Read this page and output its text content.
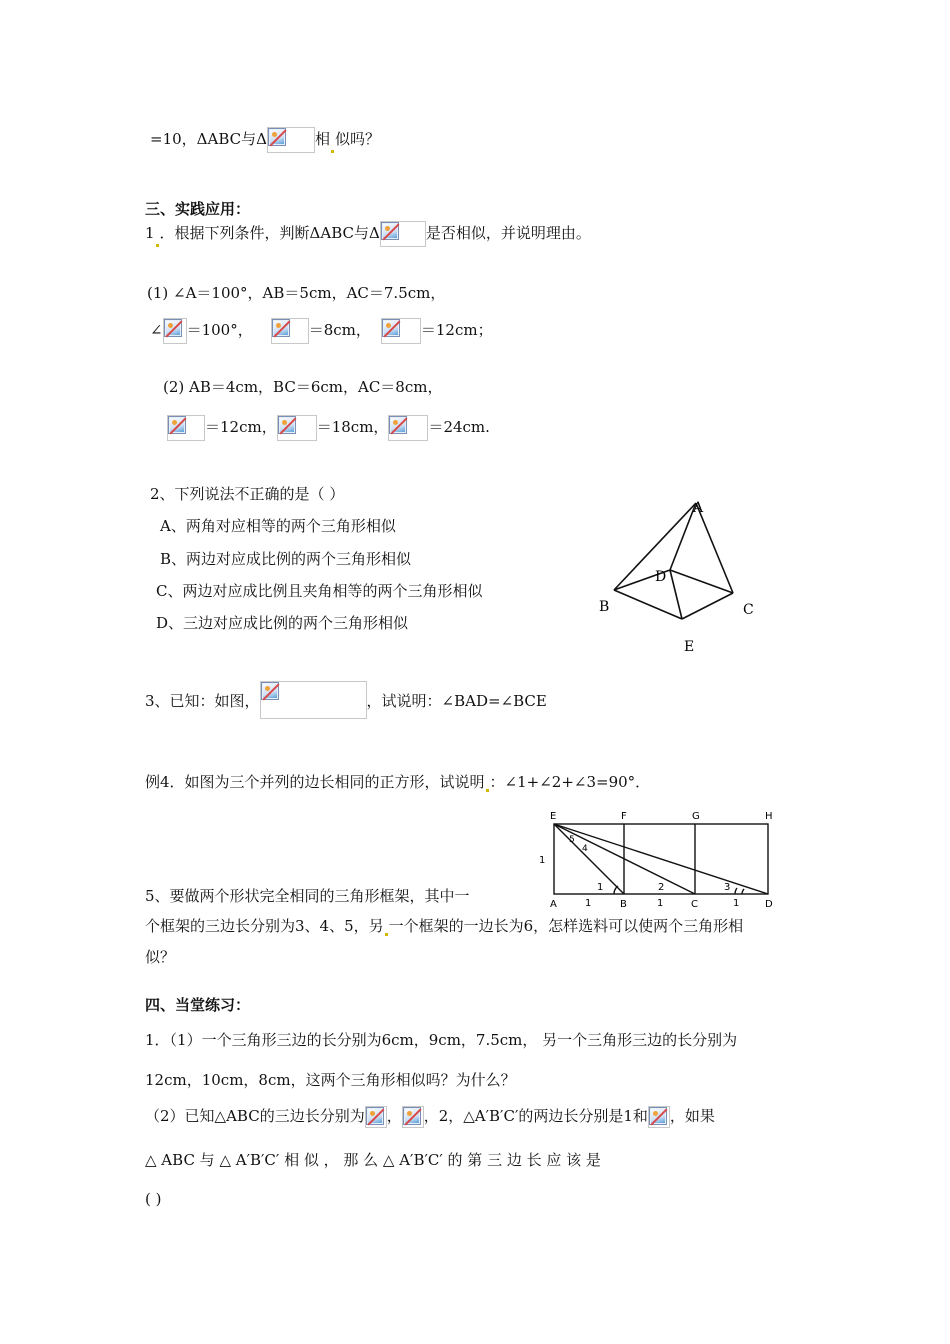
=10，ΔABC与Δ	相 似吗？
三、实践应用：
1 ．根据下列条件，判断ΔABC与Δ	是否相似，并说明理由。
(1) ∠A＝100°，AB＝5cm，AC＝7.5cm，
∠ ＝100°，	＝8cm，	＝12cm；
(2) AB＝4cm，BC＝6cm，AC＝8cm，
＝12cm，	＝18cm，	＝24cm.
2、下列说法不正确的是（ ）
A、两角对应相等的两个三角形相似
B、两边对应成比例的两个三角形相似
C、两边对应成比例且夹角相等的两个三角形相似
D、三边对应成比例的两个三角形相似
A
D
B	C
E
3、已知：如图，	，试说明：∠BAD=∠BCE
例4．如图为三个并列的边长相同的正方形，试说明 ：∠1+∠2+∠3=90°．
E	F	G	H
A	B	C	D
1
1	1	1
1	2	3
5
4
5、要做两个形状完全相同的三角形框架，其中一
个框架的三边长分别为3、4、5，另 一个框架的一边长为6，怎样选料可以使两个三角形相
似？
四、当堂练习：
1．（1）一个三角形三边的长分别为6cm，9cm，7.5cm， 另一个三角形三边的长分别为
12cm，10cm，8cm，这两个三角形相似吗？为什么？
（2）已知△ABC的三边长分别为 ， ，2，△A′B′C′的两边长分别是1和 ，如果
△ ABC 与 △ A′B′C′ 相 似 ， 那 么 △ A′B′C′ 的 第 三 边 长 应 该 是
( )
